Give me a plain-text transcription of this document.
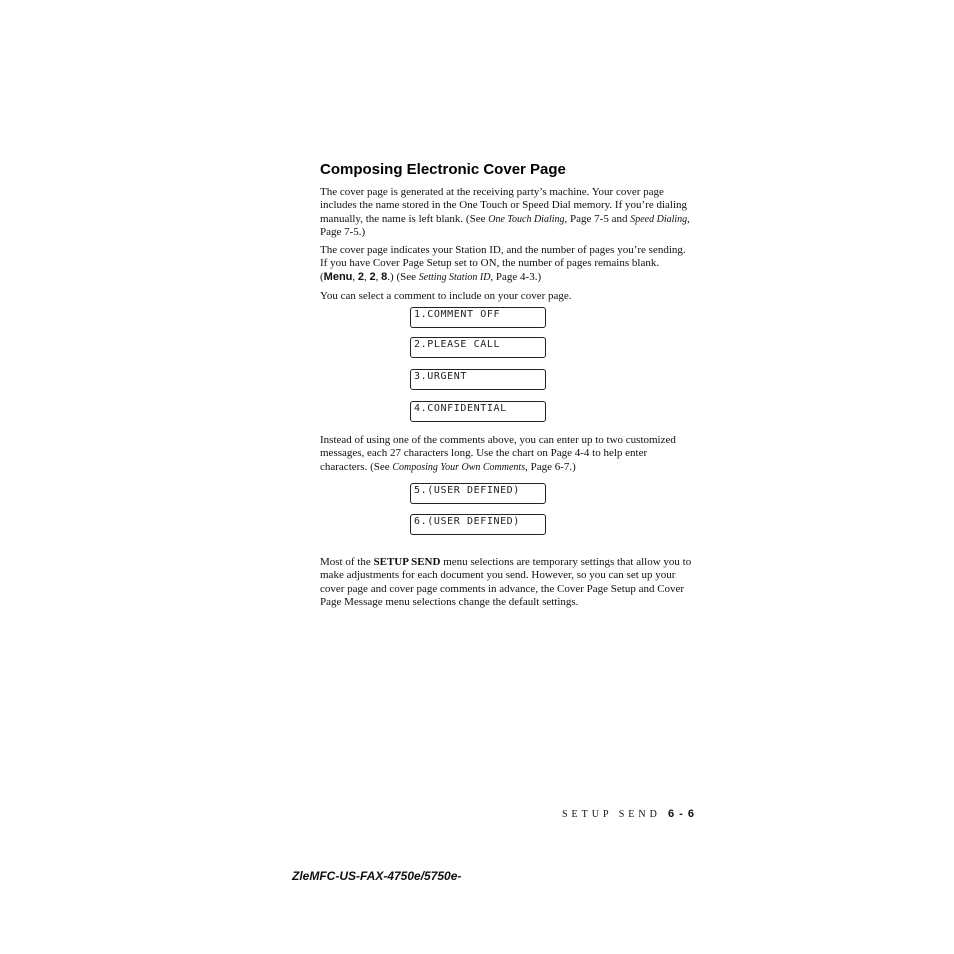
Composing Electronic Cover Page

The cover page is generated at the receiving party’s machine. Your cover page includes the name stored in the One Touch or Speed Dial memory. If you’re dialing manually, the name is left blank. (See One Touch Dialing, Page 7-5 and Speed Dialing, Page 7-5.)

The cover page indicates your Station ID, and the number of pages you’re sending. If you have Cover Page Setup set to ON, the number of pages remains blank. (Menu, 2, 2, 8.) (See Setting Station ID, Page 4-3.)

You can select a comment to include on your cover page.

1.COMMENT OFF
2.PLEASE CALL
3.URGENT
4.CONFIDENTIAL

Instead of using one of the comments above, you can enter up to two customized messages, each 27 characters long. Use the chart on Page 4-4 to help enter characters. (See Composing Your Own Comments, Page 6-7.)

5.(USER DEFINED)
6.(USER DEFINED)

Most of the SETUP SEND menu selections are temporary settings that allow you to make adjustments for each document you send. However, so you can set up your cover page and cover page comments in advance, the Cover Page Setup and Cover Page Message menu selections change the default settings.

SETUP SEND 6 - 6
ZleMFC-US-FAX-4750e/5750e-
